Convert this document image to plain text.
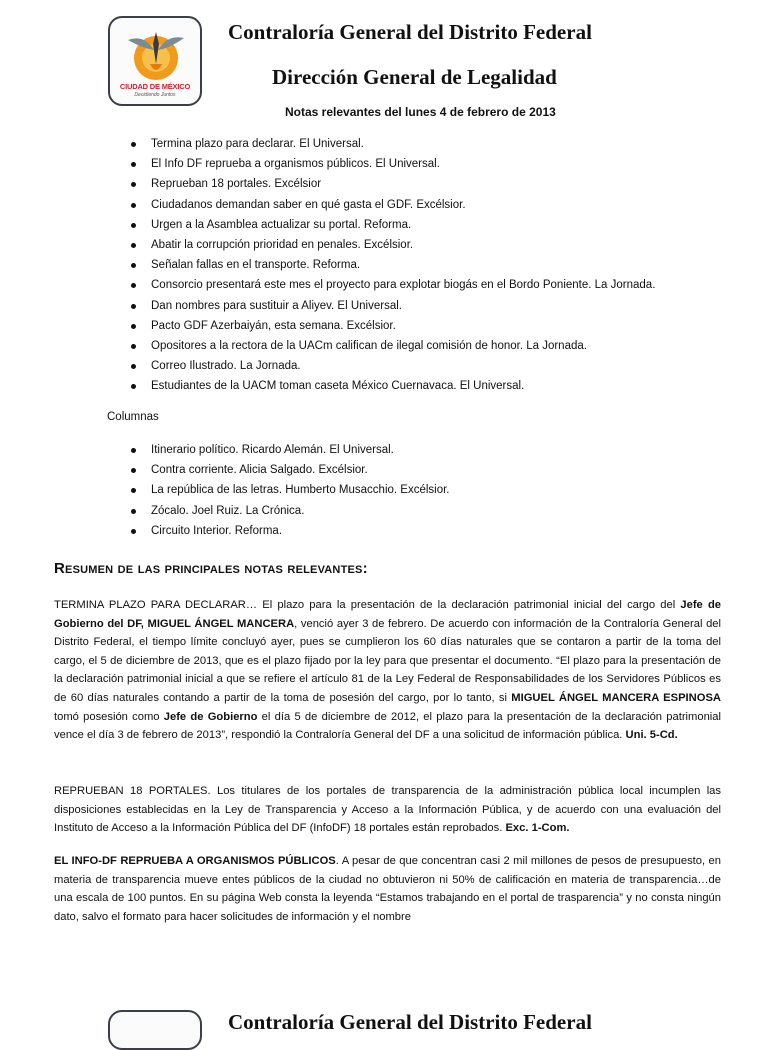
CIUDAD DE MÉXICO
Decidiendo Juntos
Contraloría General del Distrito Federal
Dirección General de Legalidad
Notas relevantes del lunes 4 de febrero de 2013
Termina plazo para declarar. El Universal.
El Info DF reprueba a organismos públicos. El Universal.
Reprueban 18 portales. Excélsior
Ciudadanos demandan saber en qué gasta el GDF. Excélsior.
Urgen a la Asamblea actualizar su portal. Reforma.
Abatir la corrupción prioridad en penales. Excélsior.
Señalan fallas en el transporte. Reforma.
Consorcio presentará este mes el proyecto para explotar biogás en el Bordo Poniente. La Jornada.
Dan nombres para sustituir a Aliyev. El Universal.
Pacto GDF Azerbaiyán, esta semana. Excélsior.
Opositores a la rectora de la UACm califican de ilegal comisión de honor. La Jornada.
Correo Ilustrado. La Jornada.
Estudiantes de la UACM toman caseta México Cuernavaca. El Universal.
Columnas
Itinerario político. Ricardo Alemán. El Universal.
Contra corriente. Alicia Salgado. Excélsior.
La república de las letras. Humberto Musacchio. Excélsior.
Zócalo. Joel Ruiz. La Crónica.
Circuito Interior. Reforma.
Resumen de las principales notas relevantes:
TERMINA PLAZO PARA DECLARAR… El plazo para la presentación de la declaración patrimonial inicial del cargo del Jefe de Gobierno del DF, MIGUEL ÁNGEL MANCERA, venció ayer 3 de febrero. De acuerdo con información de la Contraloría General del Distrito Federal, el tiempo límite concluyó ayer, pues se cumplieron los 60 días naturales que se contaron a partir de la toma del cargo, el 5 de diciembre de 2013, que es el plazo fijado por la ley para que presentar el documento. “El plazo para la presentación de la declaración patrimonial inicial a que se refiere el artículo 81 de la Ley Federal de Responsabilidades de los Servidores Públicos es de 60 días naturales contando a partir de la toma de posesión del cargo, por lo tanto, si MIGUEL ÁNGEL MANCERA ESPINOSA tomó posesión como Jefe de Gobierno el día 5 de diciembre de 2012, el plazo para la presentación de la declaración patrimonial vence el día 3 de febrero de 2013”, respondió la Contraloría General del DF a una solicitud de información pública. Uni. 5-Cd.
REPRUEBAN 18 PORTALES. Los titulares de los portales de transparencia de la administración pública local incumplen las disposiciones establecidas en la Ley de Transparencia y Acceso a la Información Pública, y de acuerdo con una evaluación del Instituto de Acceso a la Información Pública del DF (InfoDF) 18 portales están reprobados. Exc. 1-Com.
EL INFO-DF REPRUEBA A ORGANISMOS PÚBLICOS. A pesar de que concentran casi 2 mil millones de pesos de presupuesto, en materia de transparencia mueve entes públicos de la ciudad no obtuvieron ni 50% de calificación en materia de transparencia…de una escala de 100 puntos. En su página Web consta la leyenda “Estamos trabajando en el portal de trasparencia” y no consta ningún dato, salvo el formato para hacer solicitudes de información y el nombre
Contraloría General del Distrito Federal
